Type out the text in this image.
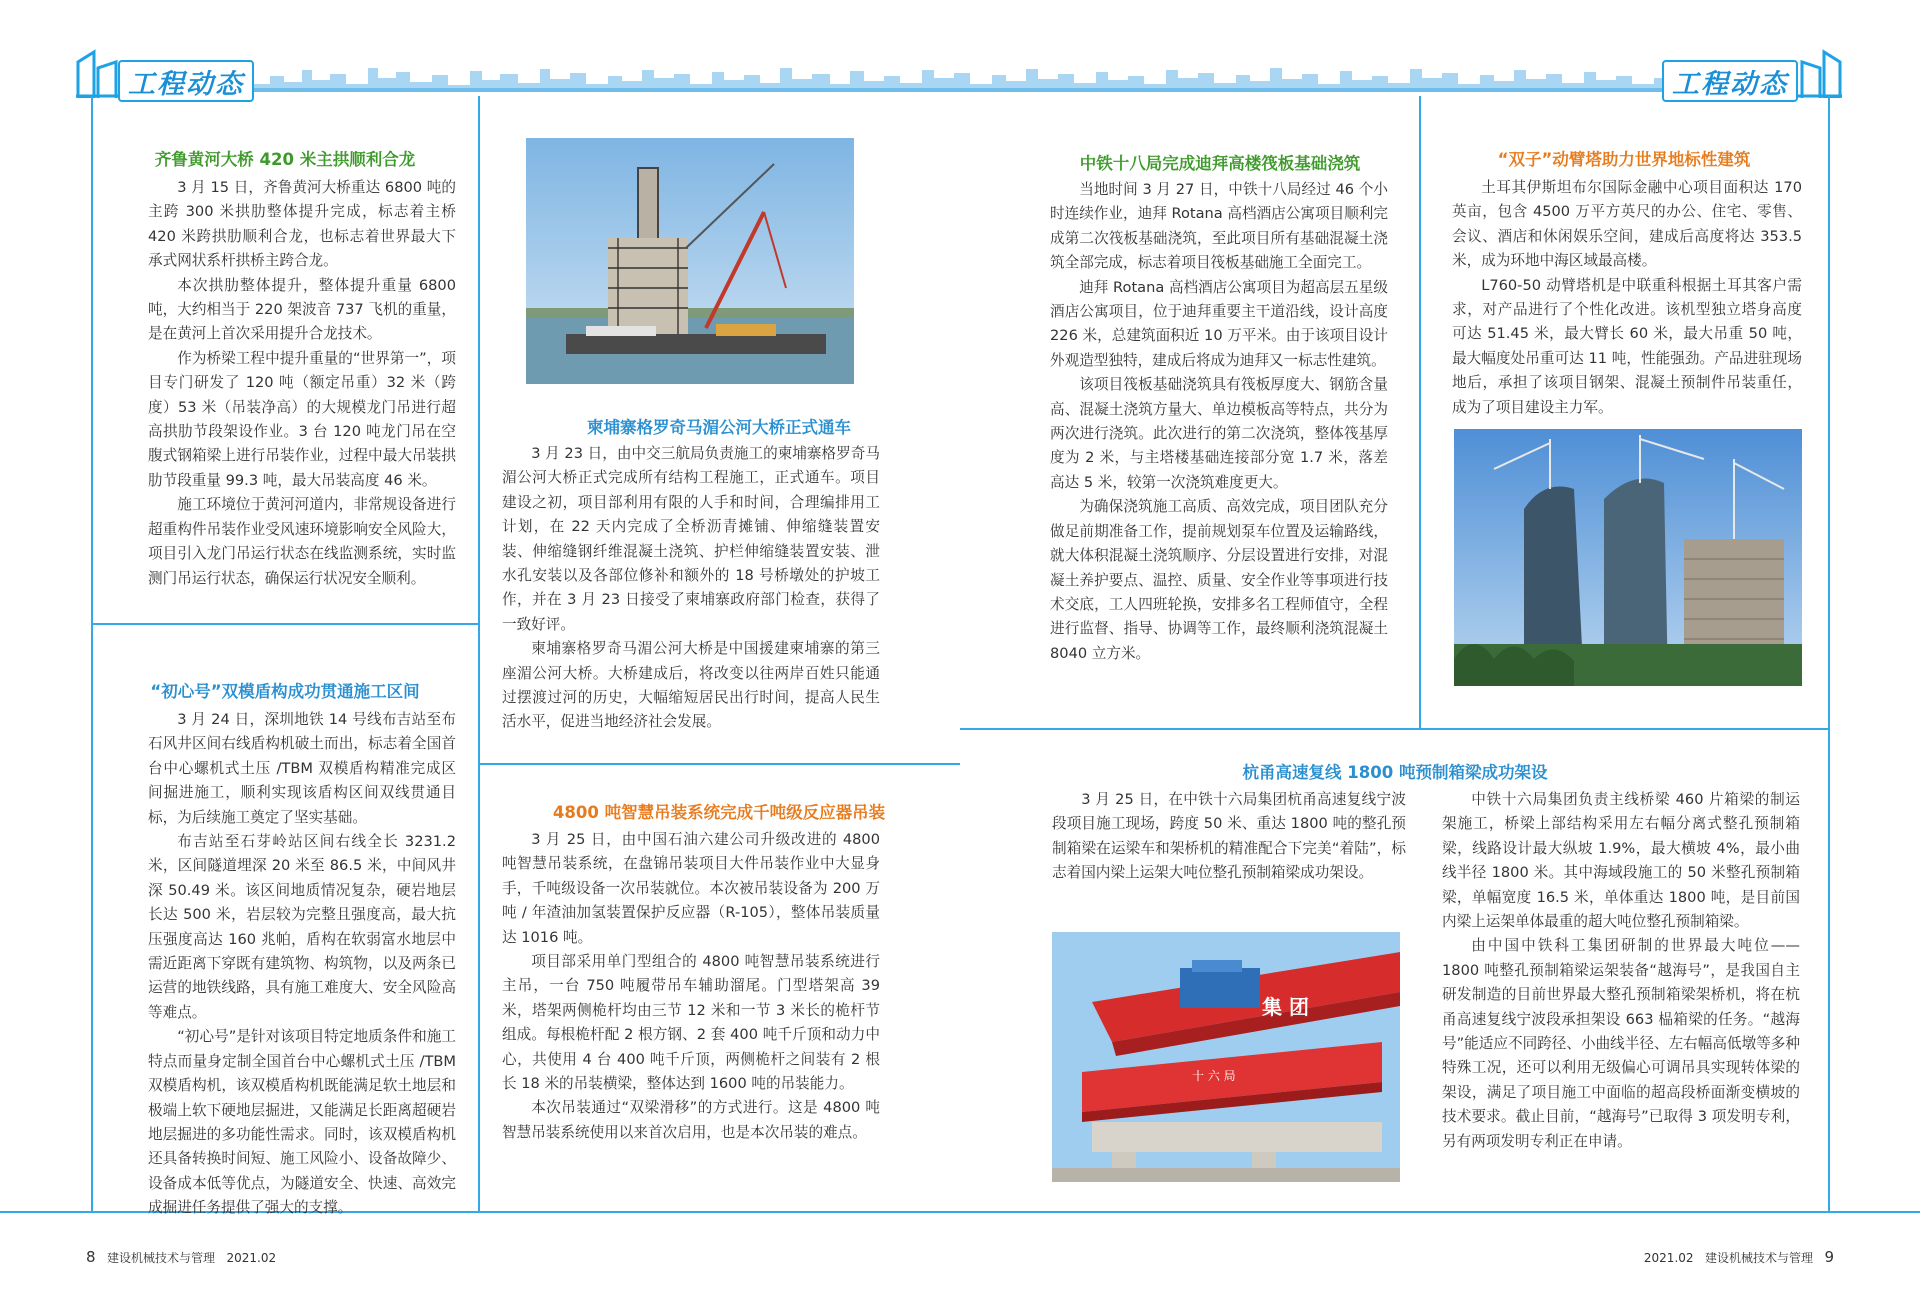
工程动态	工程动态
齐鲁黄河大桥 420 米主拱顺利合龙

3 月 15 日，齐鲁黄河大桥重达 6800 吨的主跨 300 米拱肋整体提升完成，标志着主桥 420 米跨拱肋顺利合龙，也标志着世界最大下承式网状系杆拱桥主跨合龙。

本次拱肋整体提升，整体提升重量 6800 吨，大约相当于 220 架波音 737 飞机的重量，是在黄河上首次采用提升合龙技术。

作为桥梁工程中提升重量的“世界第一”，项目专门研发了 120 吨（额定吊重）32 米（跨度）53 米（吊装净高）的大规模龙门吊进行超高拱肋节段架设作业。3 台 120 吨龙门吊在空腹式钢箱梁上进行吊装作业，过程中最大吊装拱肋节段重量 99.3 吨，最大吊装高度 46 米。

施工环境位于黄河河道内，非常规设备进行超重构件吊装作业受风速环境影响安全风险大，项目引入龙门吊运行状态在线监测系统，实时监测门吊运行状态，确保运行状况安全顺利。

“初心号”双模盾构成功贯通施工区间

3 月 24 日，深圳地铁 14 号线布吉站至布石风井区间右线盾构机破土而出，标志着全国首台中心螺机式土压 /TBM 双模盾构精准完成区间掘进施工，顺利实现该盾构区间双线贯通目标，为后续施工奠定了坚实基础。

布吉站至石芽岭站区间右线全长 3231.2 米，区间隧道埋深 20 米至 86.5 米，中间风井深 50.49 米。该区间地质情况复杂，硬岩地层长达 500 米，岩层较为完整且强度高，最大抗压强度高达 160 兆帕，盾构在软弱富水地层中需近距离下穿既有建筑物、构筑物，以及两条已运营的地铁线路，具有施工难度大、安全风险高等难点。

“初心号”是针对该项目特定地质条件和施工特点而量身定制全国首台中心螺机式土压 /TBM 双模盾构机，该双模盾构机既能满足软土地层和极端上软下硬地层掘进，又能满足长距离超硬岩地层掘进的多功能性需求。同时，该双模盾构机还具备转换时间短、施工风险小、设备故障少、设备成本低等优点，为隧道安全、快速、高效完成掘进任务提供了强大的支撑。

柬埔寨格罗奇马湄公河大桥正式通车

3 月 23 日，由中交三航局负责施工的柬埔寨格罗奇马湄公河大桥正式完成所有结构工程施工，正式通车。项目建设之初，项目部利用有限的人手和时间，合理编排用工计划，在 22 天内完成了全桥沥青摊铺、伸缩缝装置安装、伸缩缝钢纤维混凝土浇筑、护栏伸缩缝装置安装、泄水孔安装以及各部位修补和额外的 18 号桥墩处的护坡工作，并在 3 月 23 日接受了柬埔寨政府部门检查，获得了一致好评。

柬埔寨格罗奇马湄公河大桥是中国援建柬埔寨的第三座湄公河大桥。大桥建成后，将改变以往两岸百姓只能通过摆渡过河的历史，大幅缩短居民出行时间，提高人民生活水平，促进当地经济社会发展。

4800 吨智慧吊装系统完成千吨级反应器吊装

3 月 25 日，由中国石油六建公司升级改进的 4800 吨智慧吊装系统，在盘锦吊装项目大件吊装作业中大显身手，千吨级设备一次吊装就位。本次被吊装设备为 200 万吨 / 年渣油加氢装置保护反应器（R-105），整体吊装质量达 1016 吨。

项目部采用单门型组合的 4800 吨智慧吊装系统进行主吊，一台 750 吨履带吊车辅助溜尾。门型塔架高 39 米，塔架两侧桅杆均由三节 12 米和一节 3 米长的桅杆节组成。每根桅杆配 2 根方钢、2 套 400 吨千斤顶和动力中心，共使用 4 台 400 吨千斤顶，两侧桅杆之间装有 2 根长 18 米的吊装横梁，整体达到 1600 吨的吊装能力。

本次吊装通过“双梁滑移”的方式进行。这是 4800 吨智慧吊装系统使用以来首次启用，也是本次吊装的难点。

中铁十八局完成迪拜高楼筏板基础浇筑

当地时间 3 月 27 日，中铁十八局经过 46 个小时连续作业，迪拜 Rotana 高档酒店公寓项目顺利完成第二次筏板基础浇筑，至此项目所有基础混凝土浇筑全部完成，标志着项目筏板基础施工全面完工。

迪拜 Rotana 高档酒店公寓项目为超高层五星级酒店公寓项目，位于迪拜重要主干道沿线，设计高度 226 米，总建筑面积近 10 万平米。由于该项目设计外观造型独特，建成后将成为迪拜又一标志性建筑。

该项目筏板基础浇筑具有筏板厚度大、钢筋含量高、混凝土浇筑方量大、单边模板高等特点，共分为两次进行浇筑。此次进行的第二次浇筑，整体筏基厚度为 2 米，与主塔楼基础连接部分宽 1.7 米，落差高达 5 米，较第一次浇筑难度更大。

为确保浇筑施工高质、高效完成，项目团队充分做足前期准备工作，提前规划泵车位置及运输路线，就大体积混凝土浇筑顺序、分层设置进行安排，对混凝土养护要点、温控、质量、安全作业等事项进行技术交底，工人四班轮换，安排多名工程师值守，全程进行监督、指导、协调等工作，最终顺利浇筑混凝土 8040 立方米。

“双子”动臂塔助力世界地标性建筑

土耳其伊斯坦布尔国际金融中心项目面积达 170 英亩，包含 4500 万平方英尺的办公、住宅、零售、会议、酒店和休闲娱乐空间，建成后高度将达 353.5 米，成为环地中海区域最高楼。

L760-50 动臂塔机是中联重科根据土耳其客户需求，对产品进行了个性化改进。该机型独立塔身高度可达 51.45 米，最大臂长 60 米，最大吊重 50 吨，最大幅度处吊重可达 11 吨，性能强劲。产品进驻现场地后，承担了该项目钢架、混凝土预制件吊装重任，成为了项目建设主力军。

杭甬高速复线 1800 吨预制箱梁成功架设

3 月 25 日，在中铁十六局集团杭甬高速复线宁波段项目施工现场，跨度 50 米、重达 1800 吨的整孔预制箱梁在运梁车和架桥机的精准配合下完美“着陆”，标志着国内梁上运架大吨位整孔预制箱梁成功架设。

中铁十六局集团负责主线桥梁 460 片箱梁的制运架施工，桥梁上部结构采用左右幅分离式整孔预制箱梁，线路设计最大纵坡 1.9%，最大横坡 4%，最小曲线半径 1800 米。其中海域段施工的 50 米整孔预制箱梁，单幅宽度 16.5 米，单体重达 1800 吨，是目前国内梁上运架单体最重的超大吨位整孔预制箱梁。

由中国中铁科工集团研制的世界最大吨位——1800 吨整孔预制箱梁运架装备“越海号”，是我国自主研发制造的目前世界最大整孔预制箱梁架桥机，将在杭甬高速复线宁波段承担架设 663 榀箱梁的任务。“越海号”能适应不同跨径、小曲线半径、左右幅高低墩等多种特殊工况，还可以利用无级偏心可调吊具实现转体梁的架设，满足了项目施工中面临的超高段桥面渐变横坡的技术要求。截止目前，“越海号”已取得 3 项发明专利，另有两项发明专利正在申请。

集 团
十 六 局
8 建设机械技术与管理 2021.02	2021.02 建设机械技术与管理 9
